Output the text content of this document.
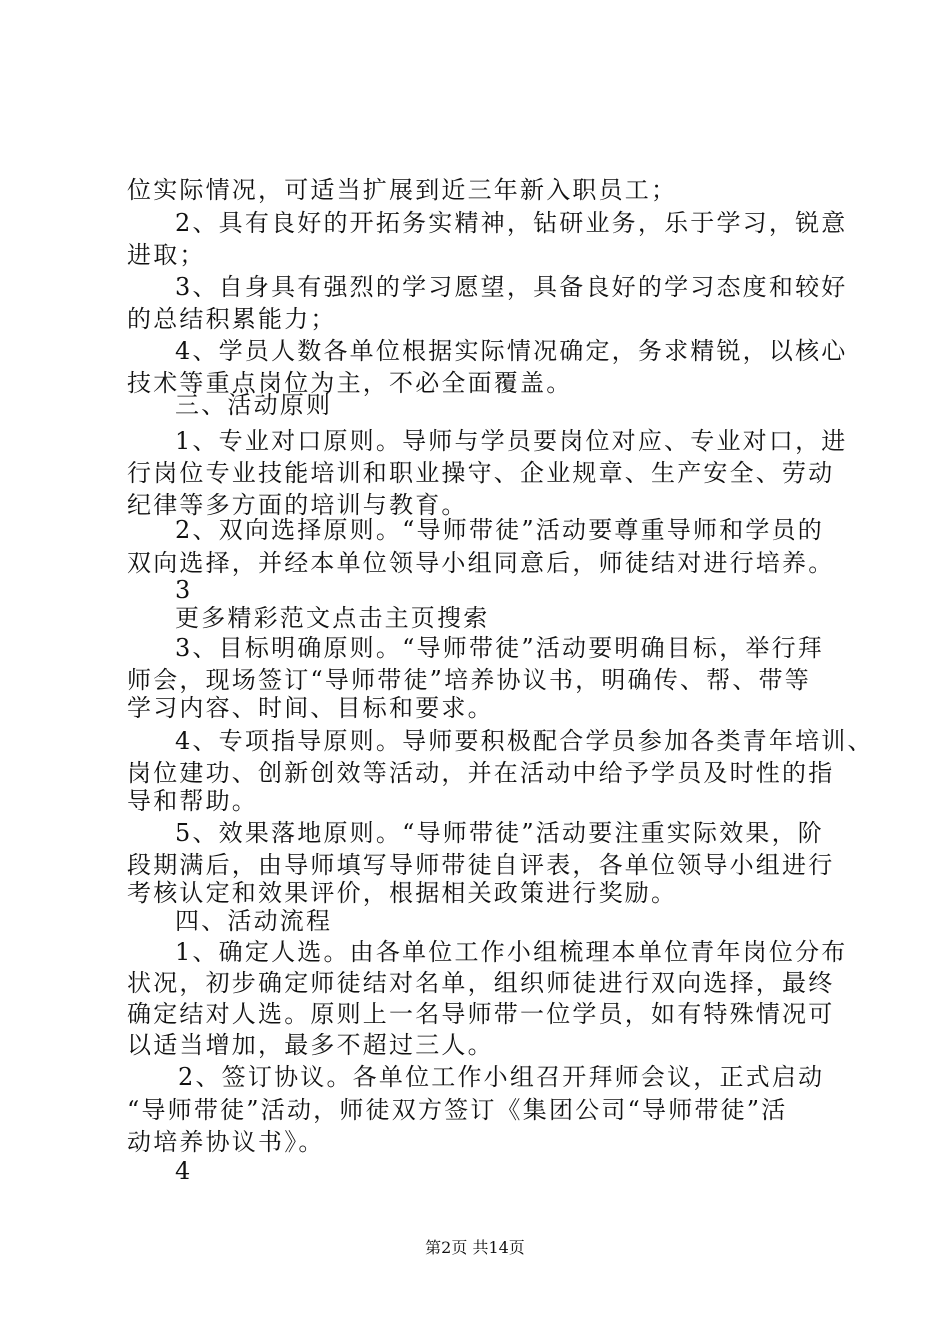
位实际情况，可适当扩展到近三年新入职员工；
2、具有良好的开拓务实精神，钻研业务，乐于学习，锐意
进取；
3、自身具有强烈的学习愿望，具备良好的学习态度和较好
的总结积累能力；
4、学员人数各单位根据实际情况确定，务求精锐，以核心
技术等重点岗位为主，不必全面覆盖。
三、活动原则
1、专业对口原则。导师与学员要岗位对应、专业对口，进
行岗位专业技能培训和职业操守、企业规章、生产安全、劳动
纪律等多方面的培训与教育。
2、双向选择原则。“导师带徒”活动要尊重导师和学员的
双向选择，并经本单位领导小组同意后，师徒结对进行培养。
3
更多精彩范文点击主页搜索
3、目标明确原则。“导师带徒”活动要明确目标，举行拜
师会，现场签订“导师带徒”培养协议书，明确传、帮、带等
学习内容、时间、目标和要求。
4、专项指导原则。导师要积极配合学员参加各类青年培训、
岗位建功、创新创效等活动，并在活动中给予学员及时性的指
导和帮助。
5、效果落地原则。“导师带徒”活动要注重实际效果，阶
段期满后，由导师填写导师带徒自评表，各单位领导小组进行
考核认定和效果评价，根据相关政策进行奖励。
四、活动流程
1、确定人选。由各单位工作小组梳理本单位青年岗位分布
状况，初步确定师徒结对名单，组织师徒进行双向选择，最终
确定结对人选。原则上一名导师带一位学员，如有特殊情况可
以适当增加，最多不超过三人。
2、签订协议。各单位工作小组召开拜师会议，正式启动
“导师带徒”活动，师徒双方签订《集团公司“导师带徒”活
动培养协议书》。
4
第2页 共14页
